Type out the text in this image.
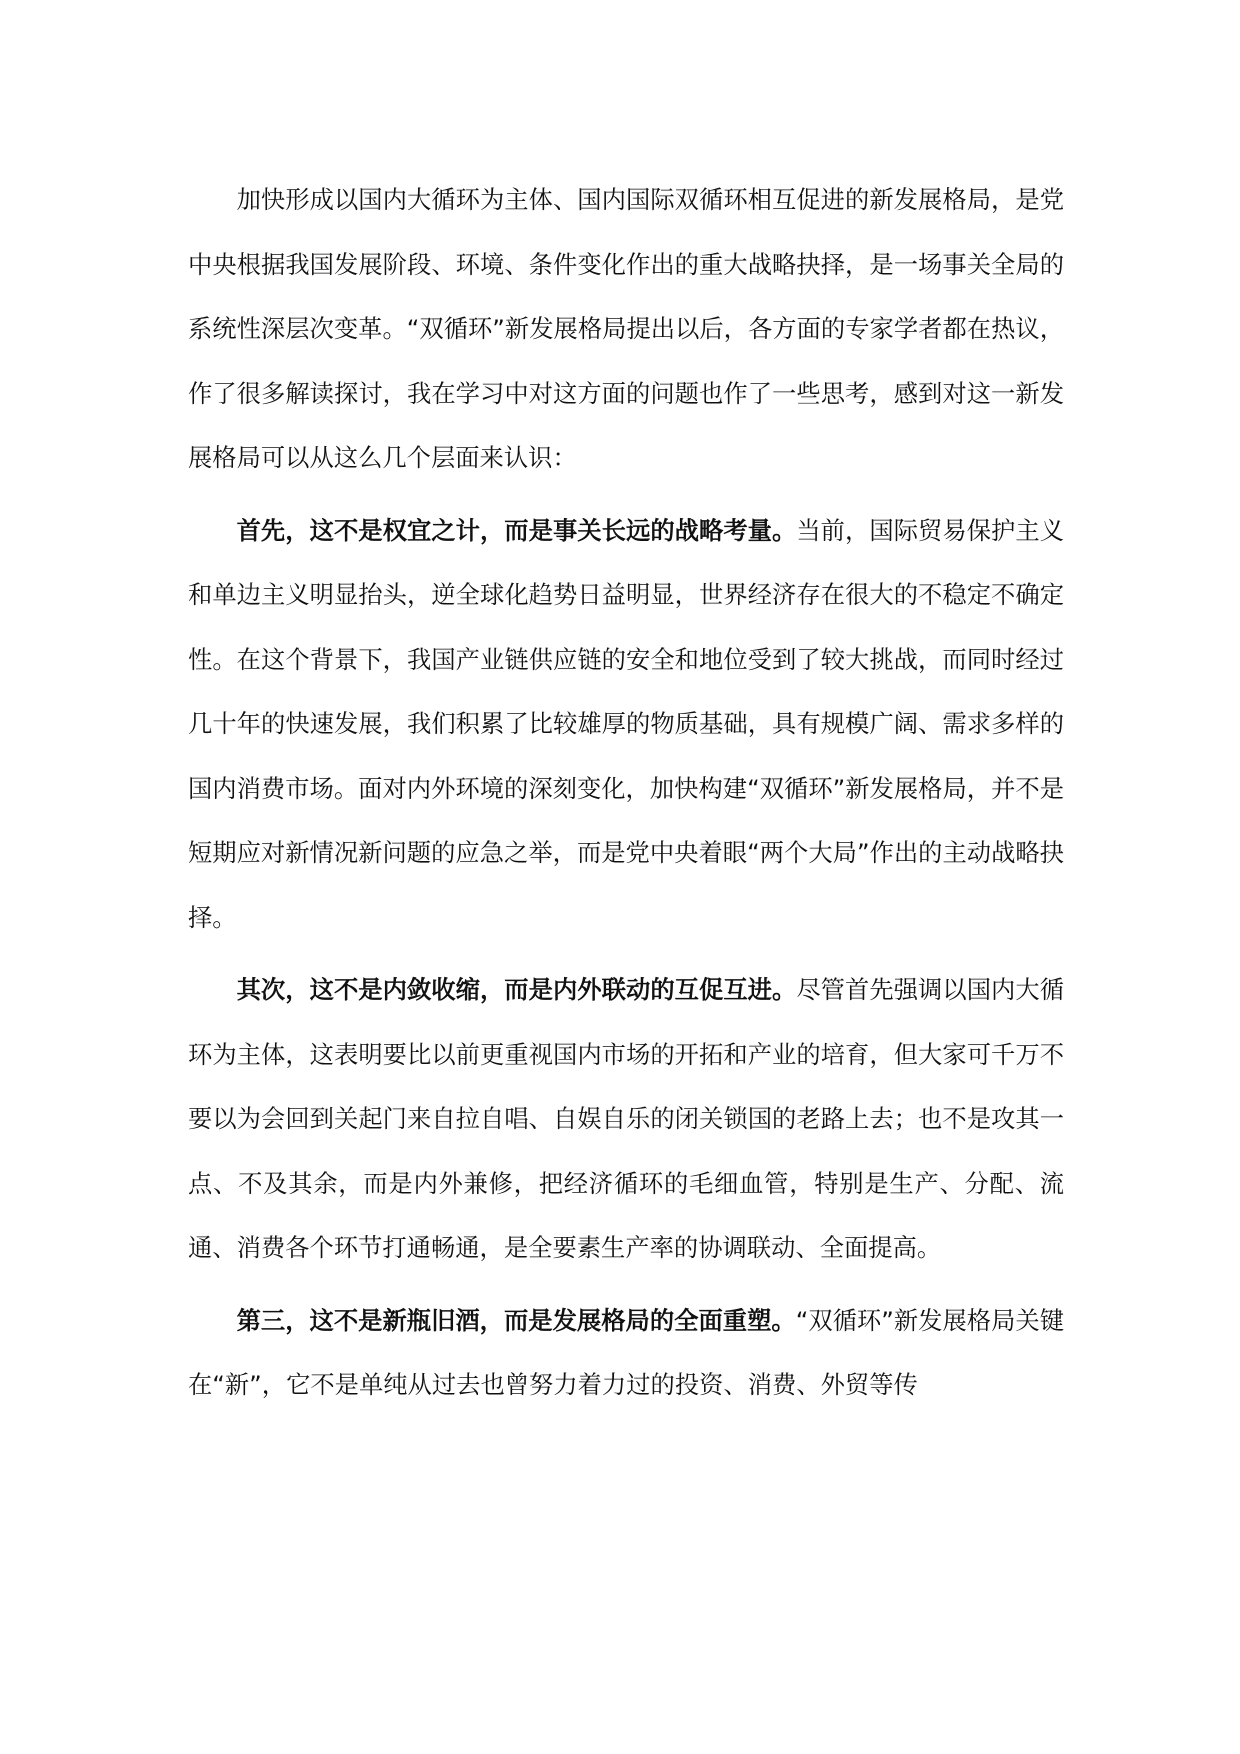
加快形成以国内大循环为主体、国内国际双循环相互促进的新发展格局，是党中央根据我国发展阶段、环境、条件变化作出的重大战略抉择，是一场事关全局的系统性深层次变革。“双循环”新发展格局提出以后，各方面的专家学者都在热议，作了很多解读探讨，我在学习中对这方面的问题也作了一些思考，感到对这一新发展格局可以从这么几个层面来认识：

首先，这不是权宜之计，而是事关长远的战略考量。当前，国际贸易保护主义和单边主义明显抬头，逆全球化趋势日益明显，世界经济存在很大的不稳定不确定性。在这个背景下，我国产业链供应链的安全和地位受到了较大挑战，而同时经过几十年的快速发展，我们积累了比较雄厚的物质基础，具有规模广阔、需求多样的国内消费市场。面对内外环境的深刻变化，加快构建“双循环”新发展格局，并不是短期应对新情况新问题的应急之举，而是党中央着眼“两个大局”作出的主动战略抉择。

其次，这不是内敛收缩，而是内外联动的互促互进。尽管首先强调以国内大循环为主体，这表明要比以前更重视国内市场的开拓和产业的培育，但大家可千万不要以为会回到关起门来自拉自唱、自娱自乐的闭关锁国的老路上去；也不是攻其一点、不及其余，而是内外兼修，把经济循环的毛细血管，特别是生产、分配、流通、消费各个环节打通畅通，是全要素生产率的协调联动、全面提高。

第三，这不是新瓶旧酒，而是发展格局的全面重塑。“双循环”新发展格局关键在“新”，它不是单纯从过去也曾努力着力过的投资、消费、外贸等传
